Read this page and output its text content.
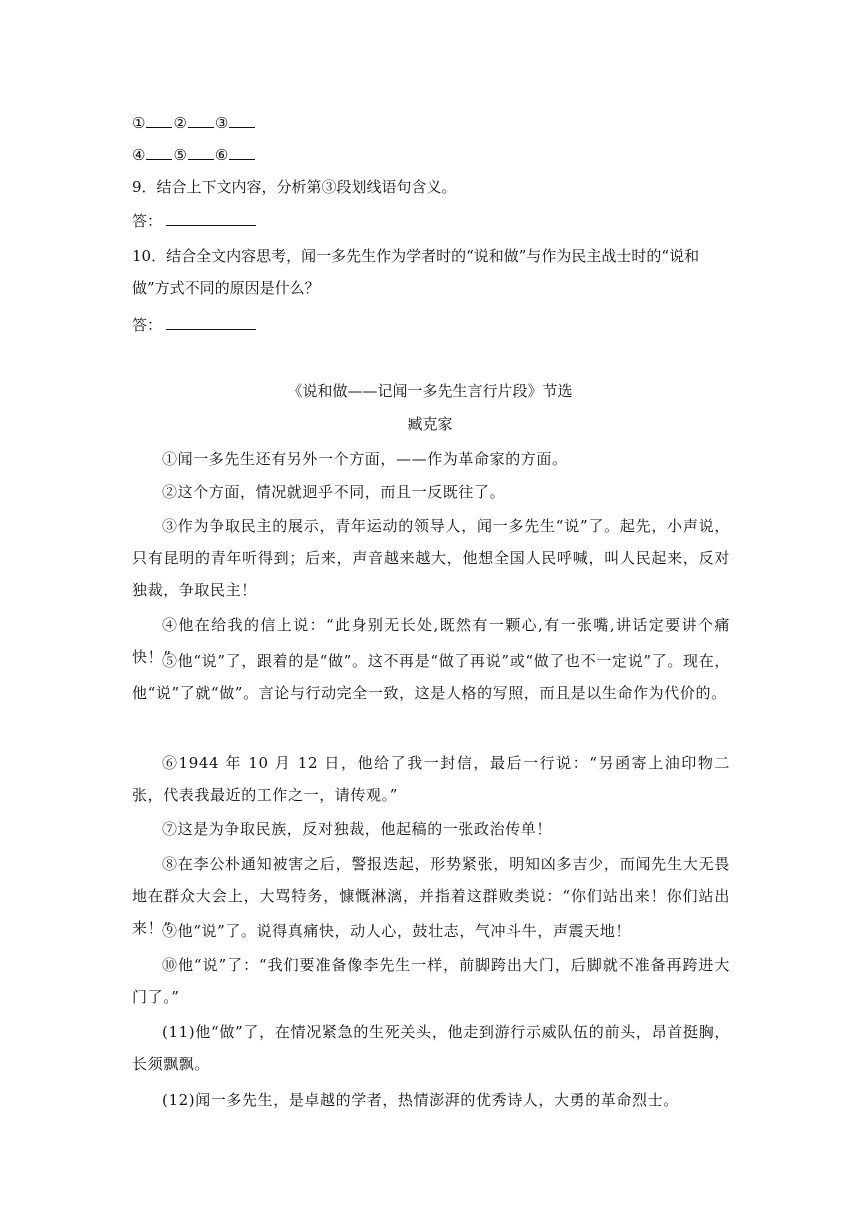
① ② ③
④ ⑤ ⑥
9．结合上下文内容，分析第③段划线语句含义。
答：
10．结合全文内容思考，闻一多先生作为学者时的“说和做”与作为民主战士时的“说和做”方式不同的原因是什么？
答：
《说和做——记闻一多先生言行片段》节选
臧克家
①闻一多先生还有另外一个方面，——作为革命家的方面。
②这个方面，情况就迥乎不同，而且一反既往了。
③作为争取民主的展示，青年运动的领导人，闻一多先生“说”了。起先，小声说，只有昆明的青年听得到；后来，声音越来越大，他想全国人民呼喊，叫人民起来，反对独裁，争取民主！
④他在给我的信上说：“此身别无长处,既然有一颗心,有一张嘴,讲话定要讲个痛快！”
⑤他“说”了，跟着的是“做”。这不再是“做了再说”或“做了也不一定说”了。现在，他“说”了就“做”。言论与行动完全一致，这是人格的写照，而且是以生命作为代价的。
⑥1944 年 10 月 12 日，他给了我一封信，最后一行说：“另函寄上油印物二张，代表我最近的工作之一，请传观。”
⑦这是为争取民族，反对独裁，他起稿的一张政治传单！
⑧在李公朴通知被害之后，警报迭起，形势紧张，明知凶多吉少，而闻先生大无畏地在群众大会上，大骂特务，慷慨淋漓，并指着这群败类说：“你们站出来！你们站出来！”
⑨他“说”了。说得真痛快，动人心，鼓壮志，气冲斗牛，声震天地！
⑩他“说”了：“我们要准备像李先生一样，前脚跨出大门，后脚就不准备再跨进大门了。”
(11)他“做”了，在情况紧急的生死关头，他走到游行示威队伍的前头，昂首挺胸，长须飘飘。
(12)闻一多先生，是卓越的学者，热情澎湃的优秀诗人，大勇的革命烈士。
